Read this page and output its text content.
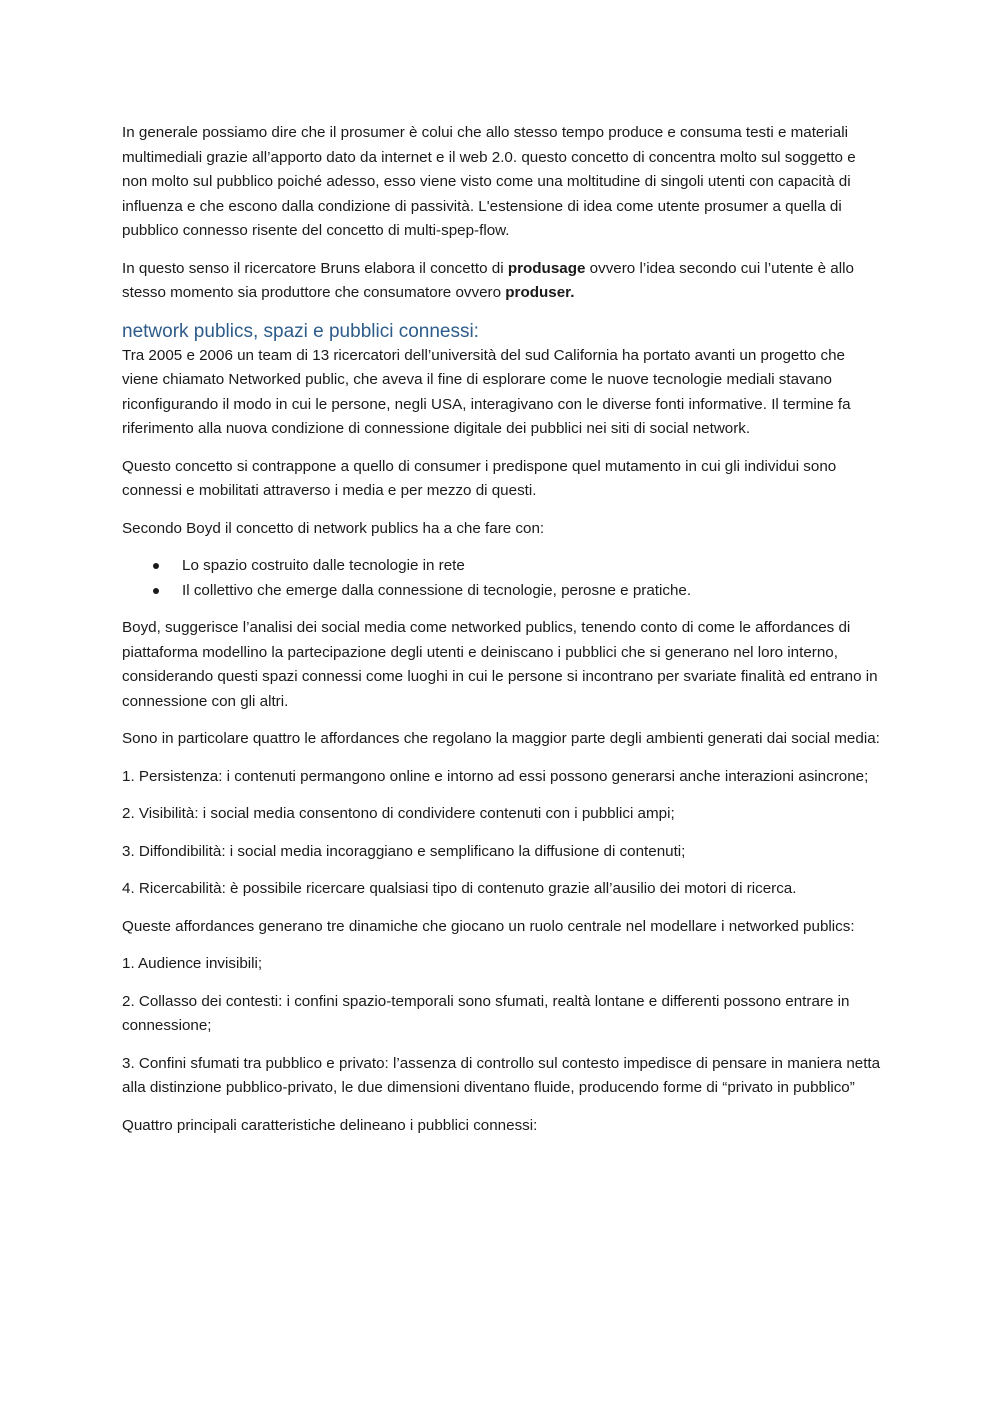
In generale possiamo dire che il prosumer è colui che allo stesso tempo produce e consuma testi e materiali multimediali grazie all’apporto dato da internet e il web 2.0. questo concetto di concentra molto sul soggetto e non molto sul pubblico poiché adesso, esso viene visto come una moltitudine di singoli utenti con capacità di influenza e che escono dalla condizione di passività. L'estensione di idea come utente prosumer a quella di pubblico connesso risente del concetto di multi-spep-flow.

In questo senso il ricercatore Bruns elabora il concetto di produsage ovvero l’idea secondo cui l’utente è allo stesso momento sia produttore che consumatore ovvero produser.

network publics, spazi e pubblici connessi:

Tra 2005 e 2006 un team di 13 ricercatori dell’università del sud California ha portato avanti un progetto che viene chiamato Networked public, che aveva il fine di esplorare come le nuove tecnologie mediali stavano riconfigurando il modo in cui le persone, negli USA, interagivano con le diverse fonti informative. Il termine fa riferimento alla nuova condizione di connessione digitale dei pubblici nei siti di social network.

Questo concetto si contrappone a quello di consumer i predispone quel mutamento in cui gli individui sono connessi e mobilitati attraverso i media e per mezzo di questi.

Secondo Boyd il concetto di network publics ha a che fare con:

Lo spazio costruito dalle tecnologie in rete
Il collettivo che emerge dalla connessione di tecnologie, perosne e pratiche.

Boyd, suggerisce l’analisi dei social media come networked publics, tenendo conto di come le affordances di piattaforma modellino la partecipazione degli utenti e deiniscano i pubblici che si generano nel loro interno, considerando questi spazi connessi come luoghi in cui le persone si incontrano per svariate finalità ed entrano in connessione con gli altri.

Sono in particolare quattro le affordances che regolano la maggior parte degli ambienti generati dai social media:

1. Persistenza: i contenuti permangono online e intorno ad essi possono generarsi anche interazioni asincrone;

2. Visibilità: i social media consentono di condividere contenuti con i pubblici ampi;

3. Diffondibilità: i social media incoraggiano e semplificano la diffusione di contenuti;

4. Ricercabilità: è possibile ricercare qualsiasi tipo di contenuto grazie all’ausilio dei motori di ricerca.

Queste affordances generano tre dinamiche che giocano un ruolo centrale nel modellare i networked publics:

1. Audience invisibili;

2. Collasso dei contesti: i confini spazio-temporali sono sfumati, realtà lontane e differenti possono entrare in connessione;

3. Confini sfumati tra pubblico e privato: l’assenza di controllo sul contesto impedisce di pensare in maniera netta alla distinzione pubblico-privato, le due dimensioni diventano fluide, producendo forme di “privato in pubblico”

Quattro principali caratteristiche delineano i pubblici connessi:
